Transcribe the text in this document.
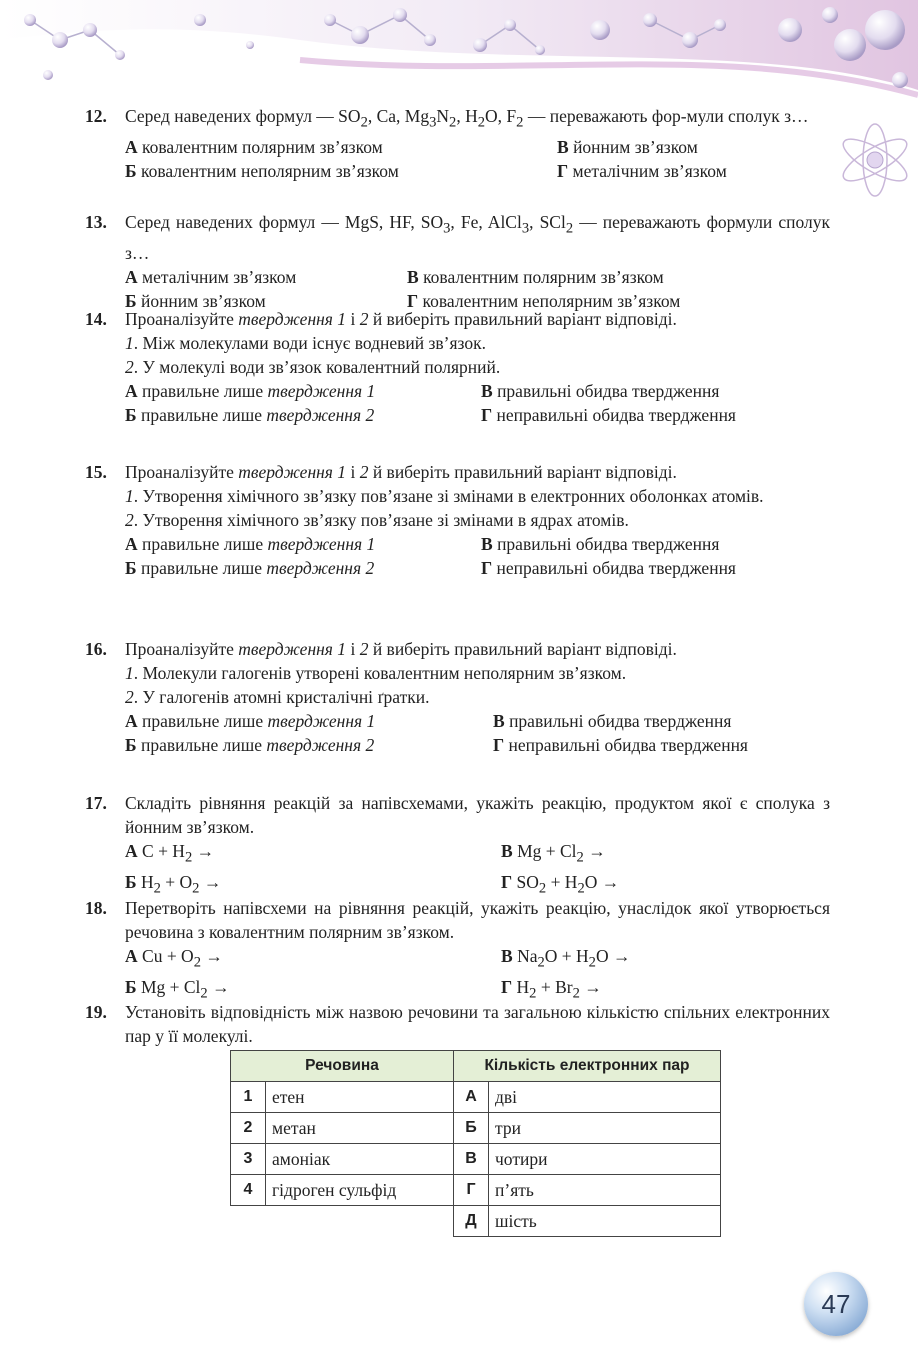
12.	Серед наведених формул — $SO_2$, Ca, $Mg_3N_2$, $H_2O$, $F_2$ — переважають фор-мули сполук з…
А ковалентним полярним зв’язком	В йонним зв’язком
Б ковалентним неполярним зв’язком	Г металічним зв’язком
13.	Серед наведених формул — MgS, HF, $SO_3$, Fe, AlCl$_3$, SCl$_2$ — переважають формули сполук з…
А металічним зв’язком	В ковалентним полярним зв’язком
Б йонним зв’язком	Г ковалентним неполярним зв’язком
14.	Проаналізуйте твердження 1 і 2 й виберіть правильний варіант відповіді.
1. Між молекулами води існує водневий зв’язок.
2. У молекулі води зв’язок ковалентний полярний.
А правильне лише твердження 1	В правильні обидва твердження
Б правильне лише твердження 2	Г неправильні обидва твердження
15.	Проаналізуйте твердження 1 і 2 й виберіть правильний варіант відповіді.
1. Утворення хімічного зв’язку пов’язане зі змінами в електронних оболонках атомів.
2. Утворення хімічного зв’язку пов’язане зі змінами в ядрах атомів.
А правильне лише твердження 1	В правильні обидва твердження
Б правильне лише твердження 2	Г неправильні обидва твердження
16.	Проаналізуйте твердження 1 і 2 й виберіть правильний варіант відповіді.
1. Молекули галогенів утворені ковалентним неполярним зв’язком.
2. У галогенів атомні кристалічні ґратки.
А правильне лише твердження 1	В правильні обидва твердження
Б правильне лише твердження 2	Г неправильні обидва твердження
17.	Складіть рівняння реакцій за напівсхемами, укажіть реакцію, продуктом якої є сполука з йонним зв’язком.
А $C + H_2$ →	В $Mg + Cl_2$ →
Б $H_2 + O_2$ →	Г $SO_2 + H_2O$ →
18.	Перетворіть напівсхеми на рівняння реакцій, укажіть реакцію, унаслідок якої утворюється речовина з ковалентним полярним зв’язком.
А $Cu + O_2$ →	В $Na_2O + H_2O$ →
Б $Mg + Cl_2$ →	Г $H_2 + Br_2$ →
19.	Установіть відповідність між назвою речовини та загальною кількістю спільних електронних пар у її молекулі.
Речовина		Кількість електронних пар	
1	етен	А	дві
2	метан	Б	три
3	амоніак	В	чотири
4	гідроген сульфід	Г	п’ять
		Д	шість
47
